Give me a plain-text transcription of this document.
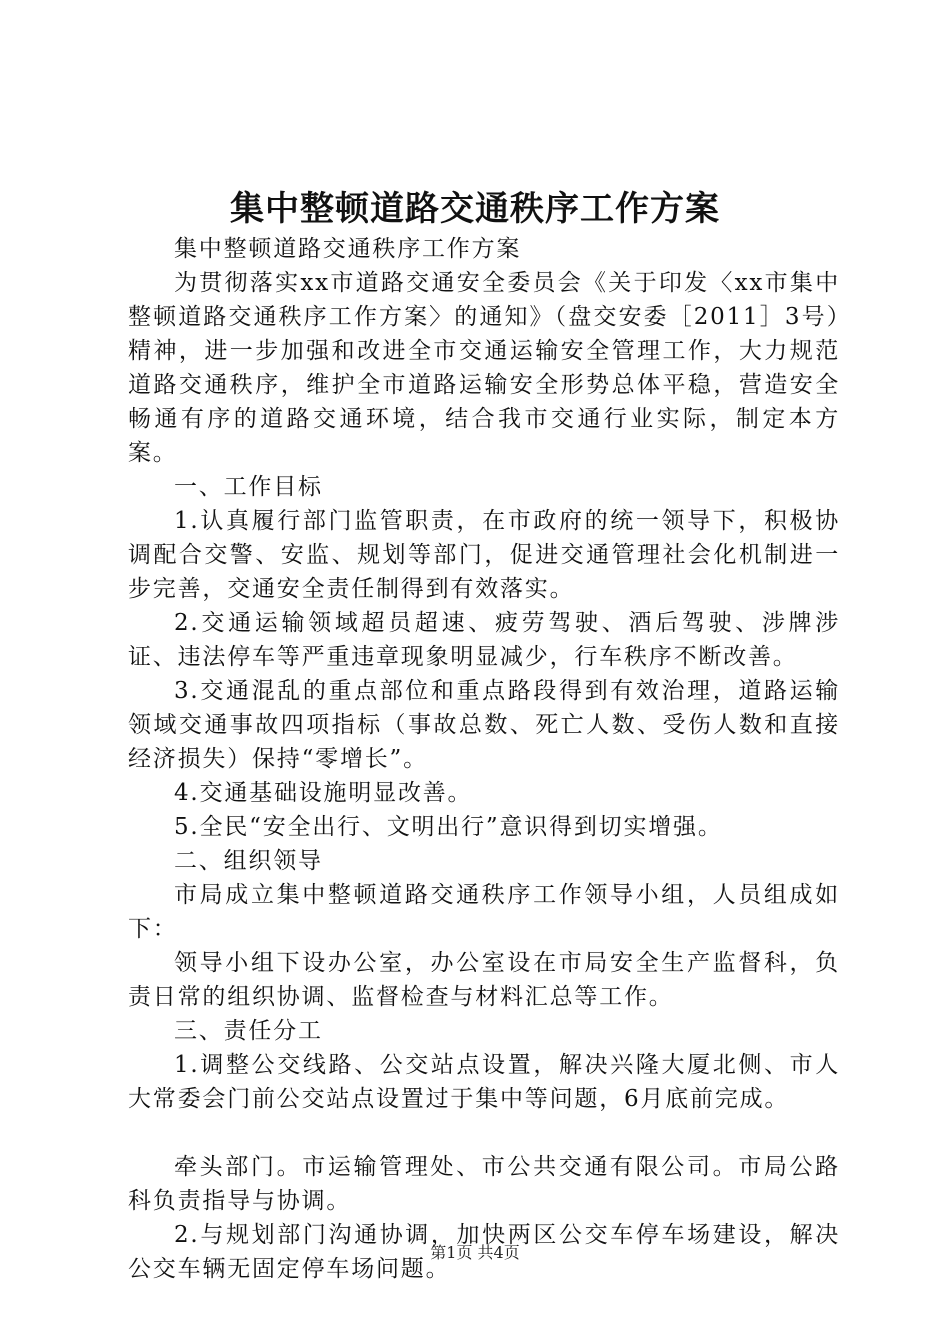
集中整顿道路交通秩序工作方案

集中整顿道路交通秩序工作方案

为贯彻落实xx市道路交通安全委员会《关于印发〈xx市集中整顿道路交通秩序工作方案〉的通知》（盘交安委［2011］3号）精神，进一步加强和改进全市交通运输安全管理工作，大力规范道路交通秩序，维护全市道路运输安全形势总体平稳，营造安全畅通有序的道路交通环境，结合我市交通行业实际，制定本方案。

一、工作目标

1.认真履行部门监管职责，在市政府的统一领导下，积极协调配合交警、安监、规划等部门，促进交通管理社会化机制进一步完善，交通安全责任制得到有效落实。

2.交通运输领域超员超速、疲劳驾驶、酒后驾驶、涉牌涉证、违法停车等严重违章现象明显减少，行车秩序不断改善。

3.交通混乱的重点部位和重点路段得到有效治理，道路运输领域交通事故四项指标（事故总数、死亡人数、受伤人数和直接经济损失）保持“零增长”。

4.交通基础设施明显改善。

5.全民“安全出行、文明出行”意识得到切实增强。

二、组织领导

市局成立集中整顿道路交通秩序工作领导小组，人员组成如下：

领导小组下设办公室，办公室设在市局安全生产监督科，负责日常的组织协调、监督检查与材料汇总等工作。

三、责任分工

1.调整公交线路、公交站点设置，解决兴隆大厦北侧、市人大常委会门前公交站点设置过于集中等问题，6月底前完成。

牵头部门。市运输管理处、市公共交通有限公司。市局公路科负责指导与协调。

2.与规划部门沟通协调，加快两区公交车停车场建设，解决公交车辆无固定停车场问题。

第1页 共4页
